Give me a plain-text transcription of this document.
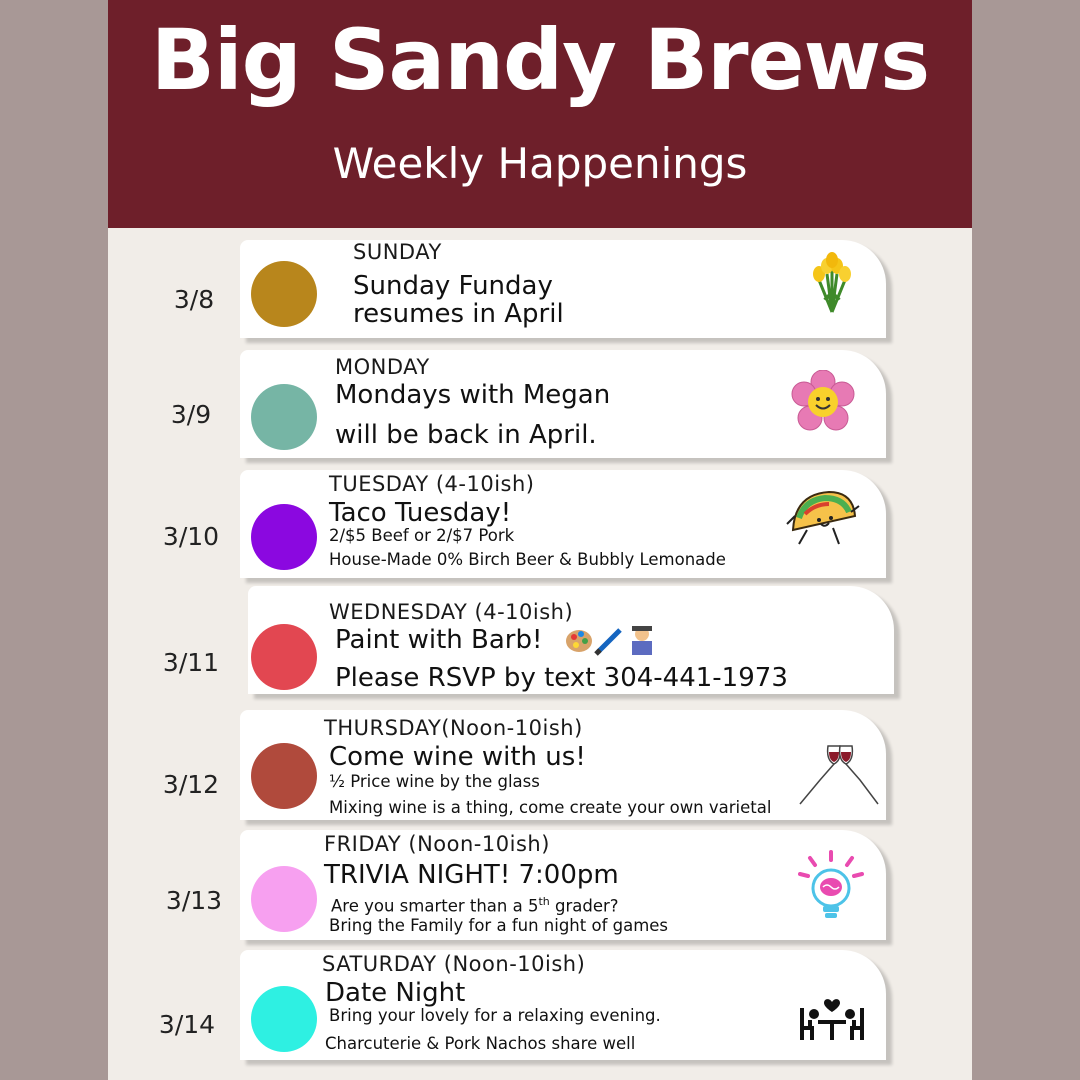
Big Sandy Brews
Weekly Happenings
3/8
SUNDAY
Sunday Funday
resumes in April
3/9
MONDAY
Mondays with Megan
will be back in April.
3/10
TUESDAY (4-10ish)
Taco Tuesday!
2/$5 Beef or 2/$7 Pork
House-Made 0% Birch Beer & Bubbly Lemonade
3/11
WEDNESDAY (4-10ish)
Paint with Barb!
Please RSVP by text 304-441-1973
3/12
THURSDAY(Noon-10ish)
Come wine with us!
½ Price wine by the glass
Mixing wine is a thing, come create your own varietal
3/13
FRIDAY (Noon-10ish)
TRIVIA NIGHT! 7:00pm
Are you smarter than a 5th grader?
Bring the Family for a fun night of games
3/14
SATURDAY (Noon-10ish)
Date Night
Bring your lovely for a relaxing evening.
Charcuterie & Pork Nachos share well
